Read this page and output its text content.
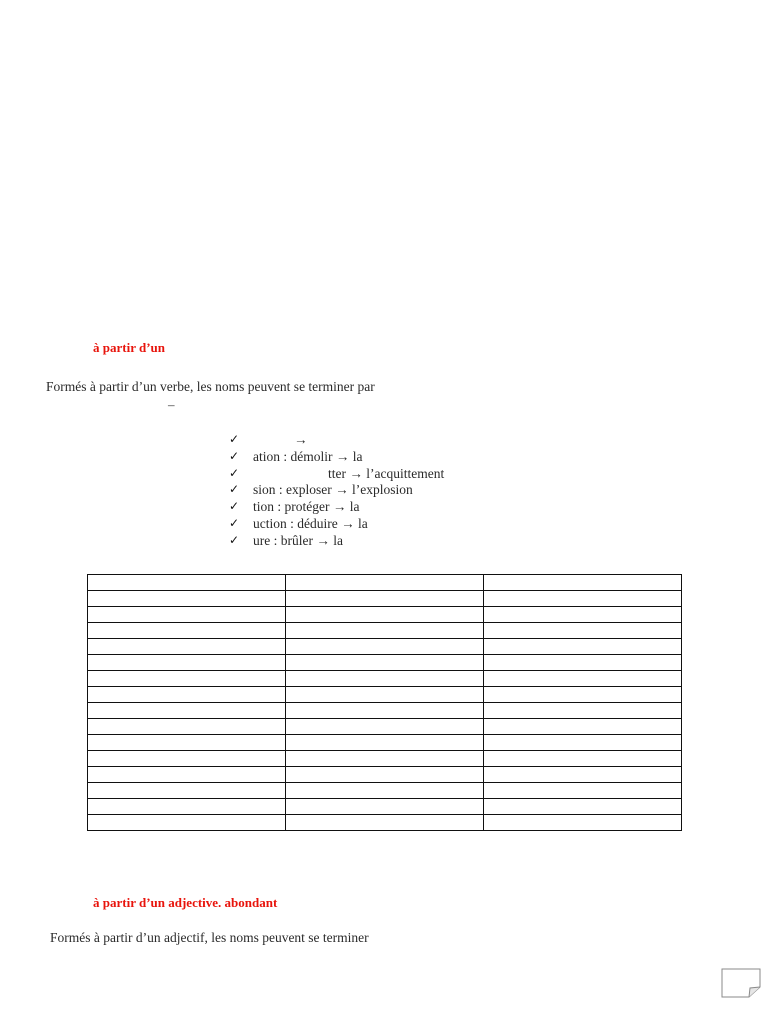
à partir d’un
Formés à partir d’un verbe, les noms peuvent se terminer par
–
✓	→
✓ ation : démolir → la
✓	tter → l’acquittement
✓ sion : exploser → l’explosion
✓ tion : protéger → la
✓ uction : déduire → la
✓ ure : brûler → la

à partir d’un adjective. abondant
Formés à partir d’un adjectif, les noms peuvent se terminer
